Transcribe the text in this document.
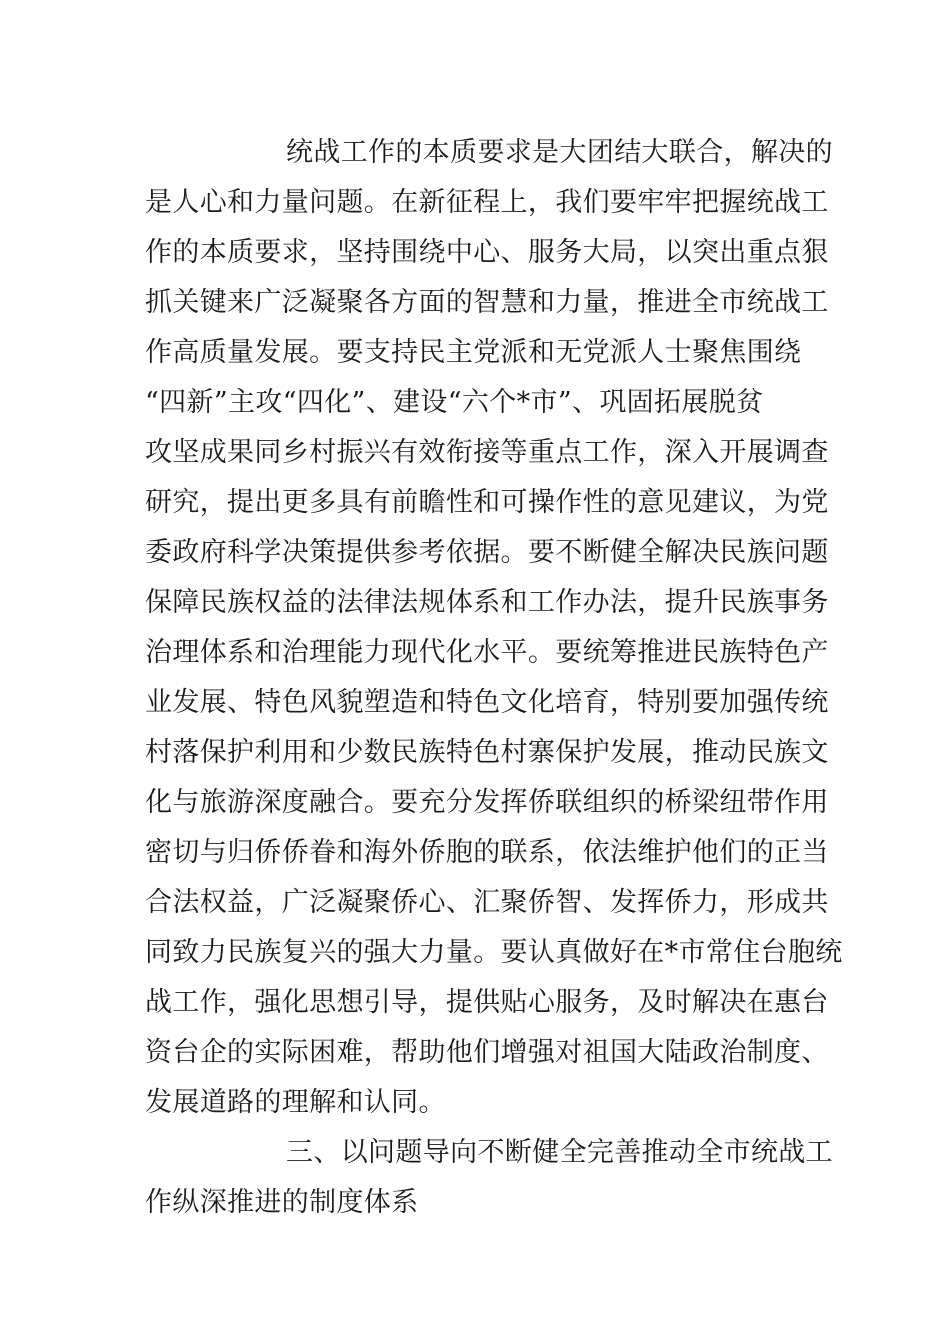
统战工作的本质要求是大团结大联合，解决的
是人心和力量问题。在新征程上，我们要牢牢把握统战工
作的本质要求，坚持围绕中心、服务大局，以突出重点狠
抓关键来广泛凝聚各方面的智慧和力量，推进全市统战工
作高质量发展。要支持民主党派和无党派人士聚焦围绕
“四新”主攻“四化”、建设“六个*市”、巩固拓展脱贫
攻坚成果同乡村振兴有效衔接等重点工作，深入开展调查
研究，提出更多具有前瞻性和可操作性的意见建议，为党
委政府科学决策提供参考依据。要不断健全解决民族问题
保障民族权益的法律法规体系和工作办法，提升民族事务
治理体系和治理能力现代化水平。要统筹推进民族特色产
业发展、特色风貌塑造和特色文化培育，特别要加强传统
村落保护利用和少数民族特色村寨保护发展，推动民族文
化与旅游深度融合。要充分发挥侨联组织的桥梁纽带作用
密切与归侨侨眷和海外侨胞的联系，依法维护他们的正当
合法权益，广泛凝聚侨心、汇聚侨智、发挥侨力，形成共
同致力民族复兴的强大力量。要认真做好在*市常住台胞统
战工作，强化思想引导，提供贴心服务，及时解决在惠台
资台企的实际困难，帮助他们增强对祖国大陆政治制度、
发展道路的理解和认同。
三、以问题导向不断健全完善推动全市统战工
作纵深推进的制度体系
